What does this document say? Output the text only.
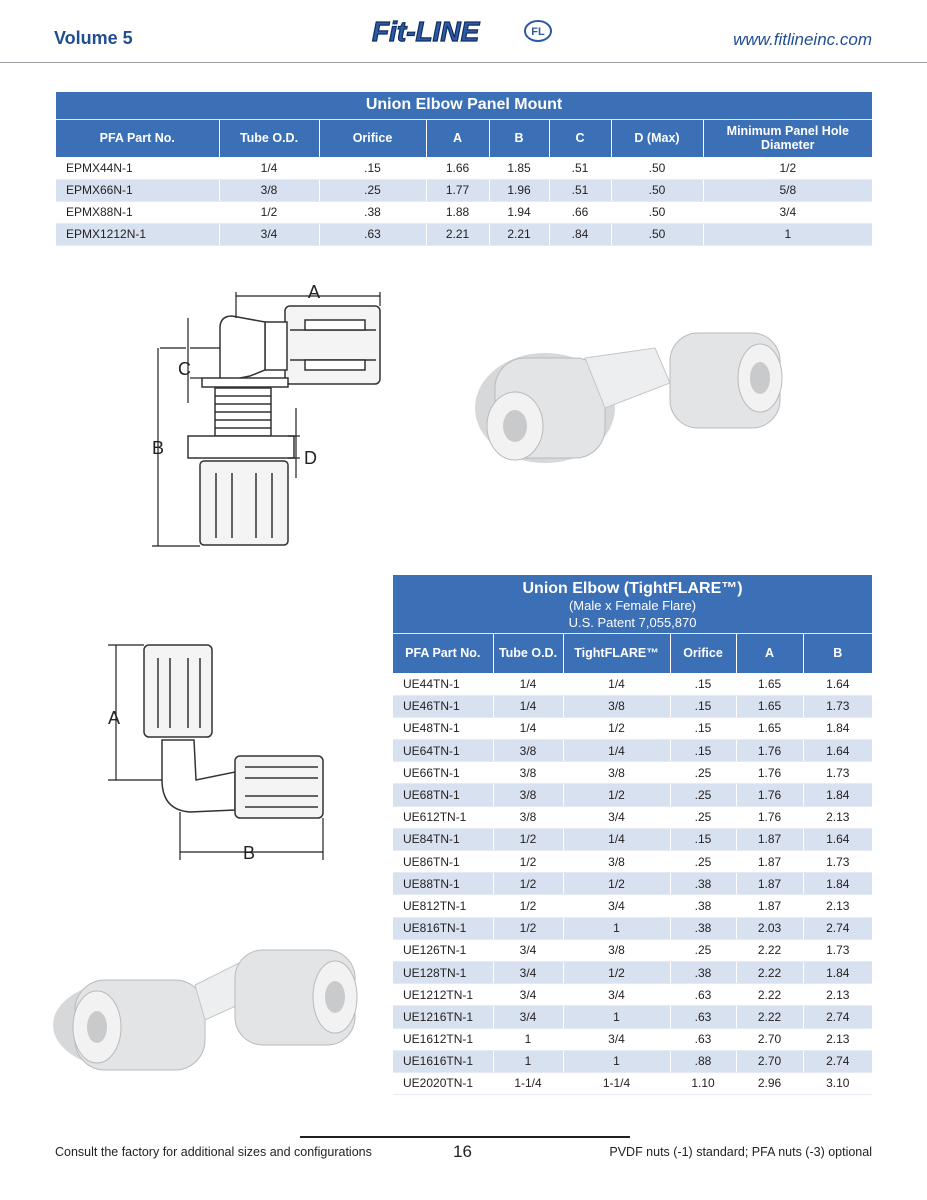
Volume 5	Fit-LINE	FL	www.fitlineinc.com
Union Elbow Panel Mount							
PFA Part No.	Tube O.D.	Orifice	A	B	C	D (Max)	Minimum Panel Hole Diameter
EPMX44N-1	1/4	.15	1.66	1.85	.51	.50	1/2
EPMX66N-1	3/8	.25	1.77	1.96	.51	.50	5/8
EPMX88N-1	1/2	.38	1.88	1.94	.66	.50	3/4
EPMX1212N-1	3/4	.63	2.21	2.21	.84	.50	1
A
C
B	D
A
B
Union Elbow (TightFLARE™)
(Male x Female Flare)
U.S. Patent 7,055,870					

PFA Part No.	Tube O.D.	TightFLARE™	Orifice	A	B
UE44TN-1	1/4	1/4	.15	1.65	1.64
UE46TN-1	1/4	3/8	.15	1.65	1.73
UE48TN-1	1/4	1/2	.15	1.65	1.84
UE64TN-1	3/8	1/4	.15	1.76	1.64
UE66TN-1	3/8	3/8	.25	1.76	1.73
UE68TN-1	3/8	1/2	.25	1.76	1.84
UE612TN-1	3/8	3/4	.25	1.76	2.13
UE84TN-1	1/2	1/4	.15	1.87	1.64
UE86TN-1	1/2	3/8	.25	1.87	1.73
UE88TN-1	1/2	1/2	.38	1.87	1.84
UE812TN-1	1/2	3/4	.38	1.87	2.13
UE816TN-1	1/2	1	.38	2.03	2.74
UE126TN-1	3/4	3/8	.25	2.22	1.73
UE128TN-1	3/4	1/2	.38	2.22	1.84
UE1212TN-1	3/4	3/4	.63	2.22	2.13
UE1216TN-1	3/4	1	.63	2.22	2.74
UE1612TN-1	1	3/4	.63	2.70	2.13
UE1616TN-1	1	1	.88	2.70	2.74
UE2020TN-1	1-1/4	1-1/4	1.10	2.96	3.10
Consult the factory for additional sizes and configurations	16	PVDF nuts (-1) standard; PFA nuts (-3) optional
